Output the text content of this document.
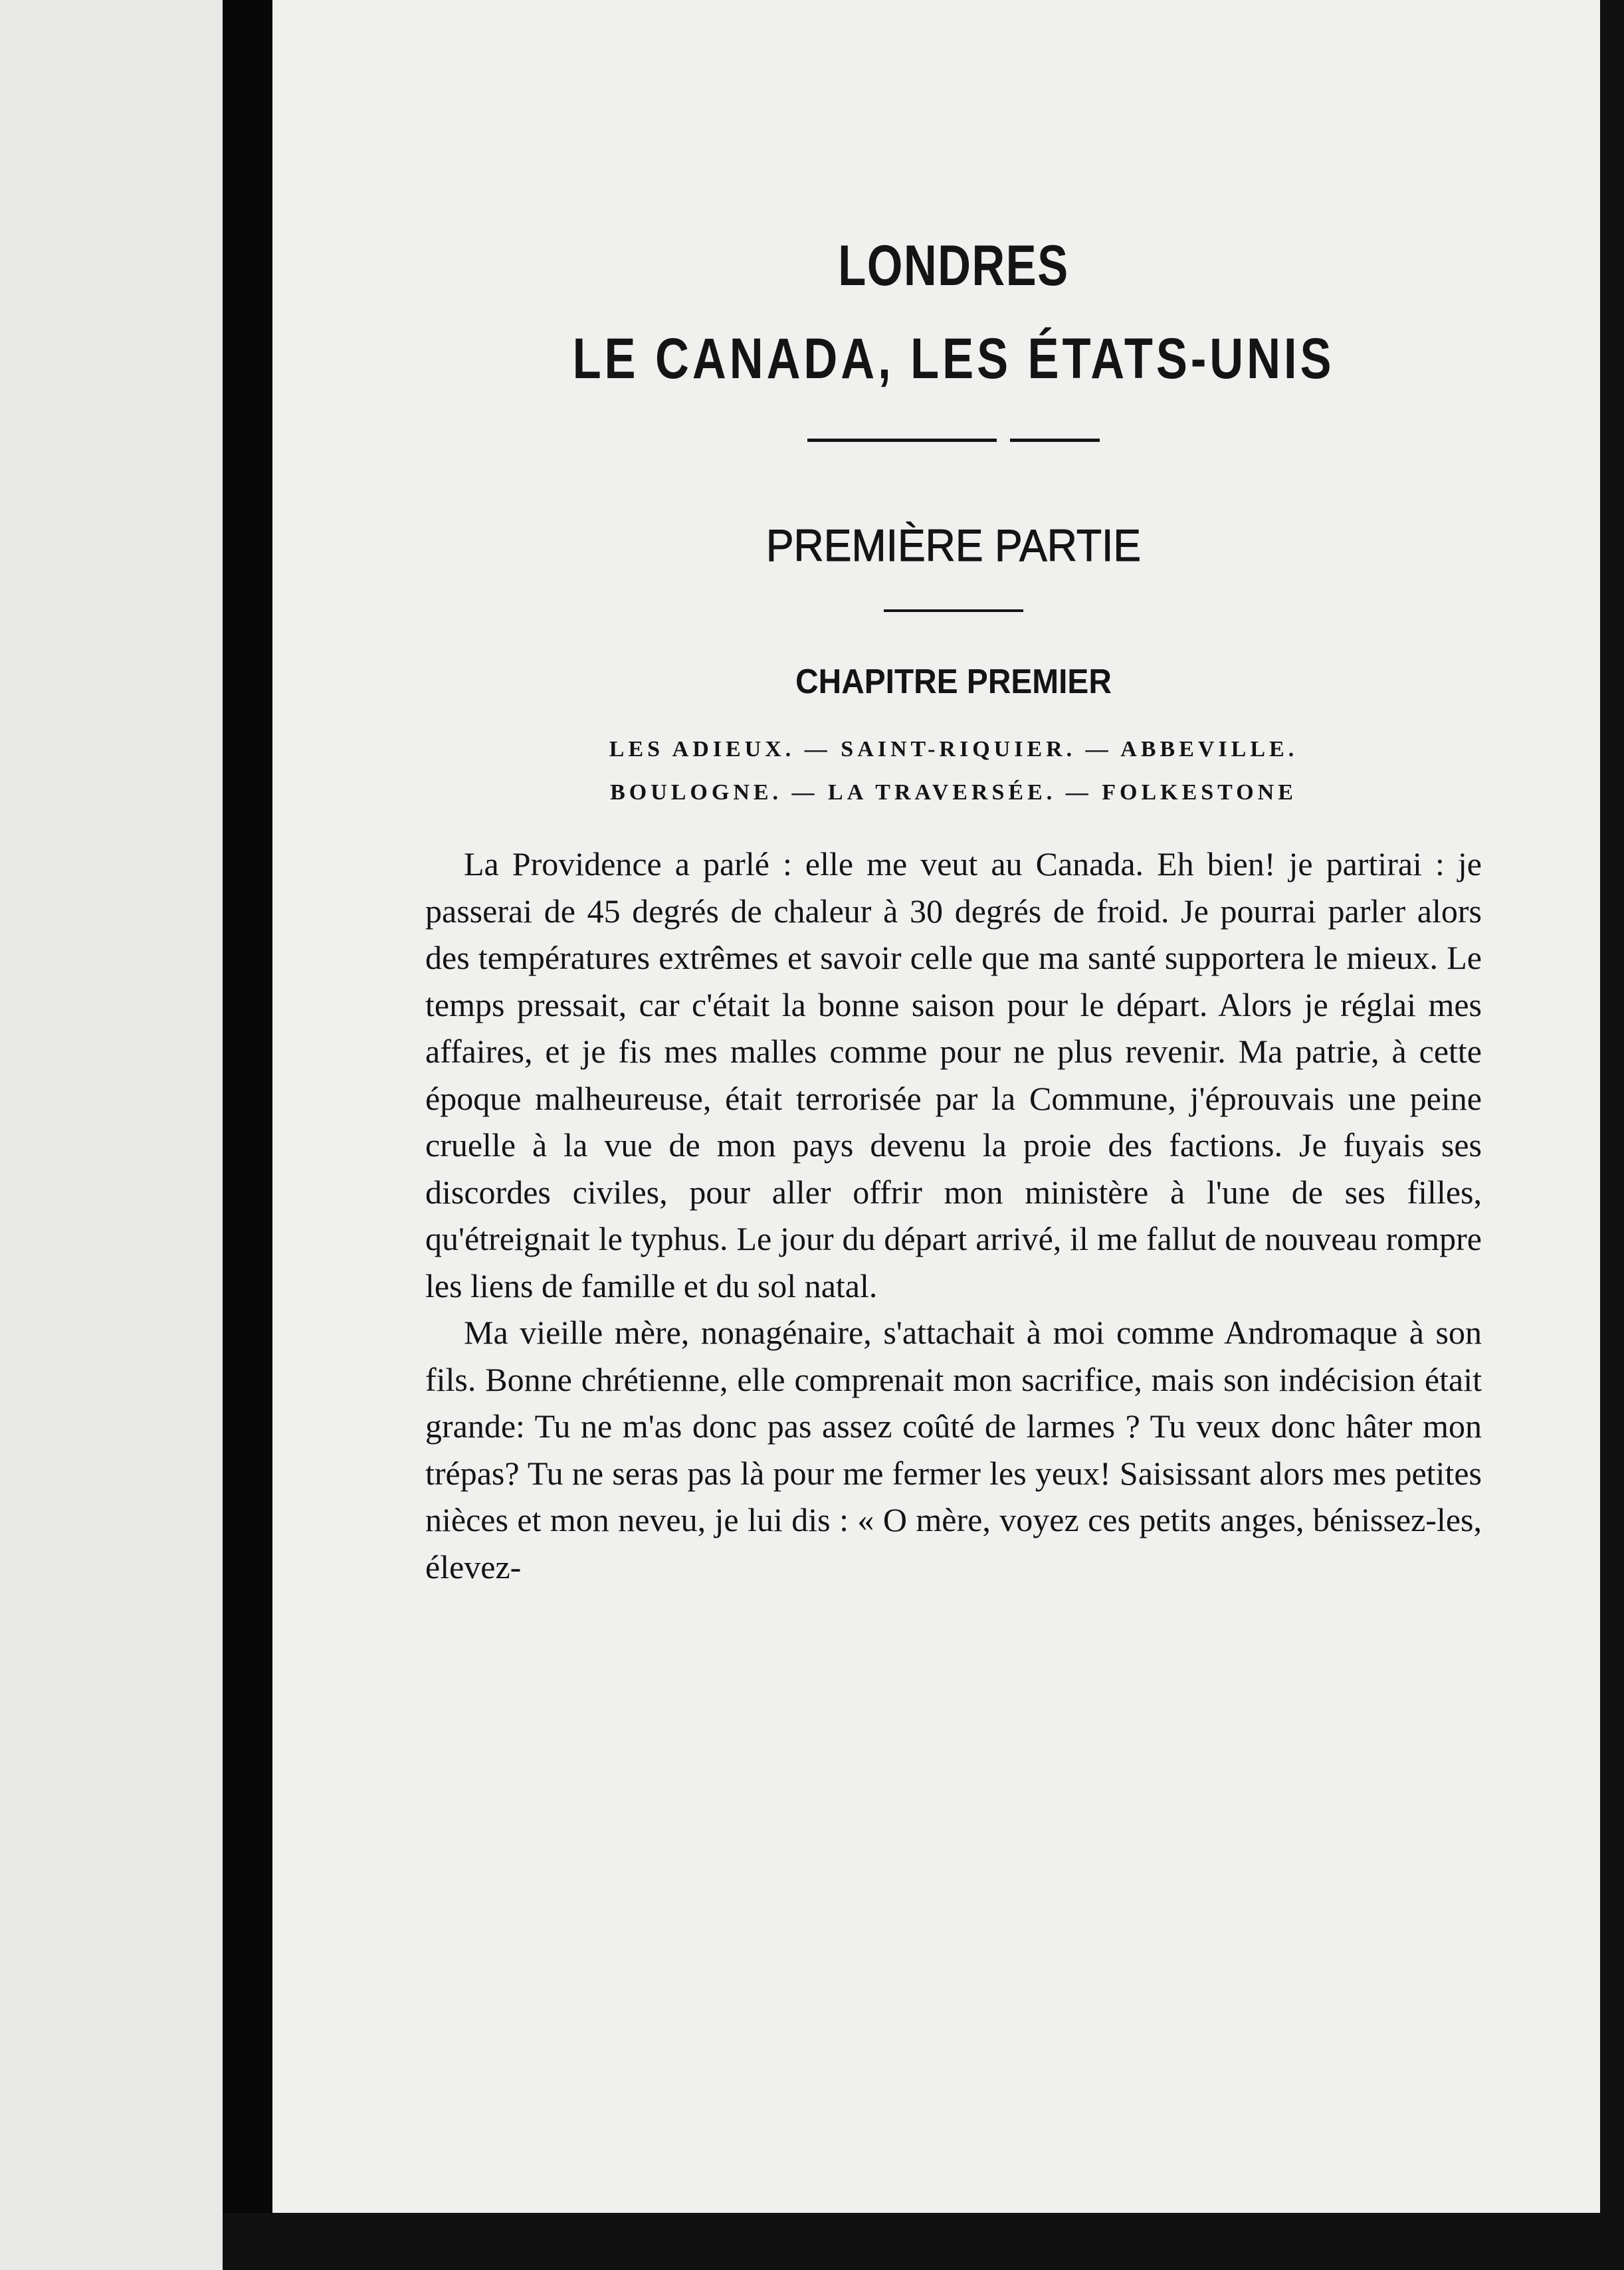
LONDRES
LE CANADA, LES ÉTATS-UNIS
PREMIÈRE PARTIE
CHAPITRE PREMIER
LES ADIEUX. — SAINT-RIQUIER. — ABBEVILLE.
BOULOGNE. — LA TRAVERSÉE. — FOLKESTONE

La Providence a parlé : elle me veut au Canada. Eh bien! je partirai : je passerai de 45 degrés de chaleur à 30 degrés de froid. Je pourrai parler alors des températures extrêmes et savoir celle que ma santé supportera le mieux. Le temps pressait, car c'était la bonne saison pour le départ. Alors je réglai mes affaires, et je fis mes malles comme pour ne plus revenir. Ma patrie, à cette époque malheureuse, était terrorisée par la Commune, j'éprouvais une peine cruelle à la vue de mon pays devenu la proie des factions. Je fuyais ses discordes civiles, pour aller offrir mon ministère à l'une de ses filles, qu'étreignait le typhus. Le jour du départ arrivé, il me fallut de nouveau rompre les liens de famille et du sol natal.

Ma vieille mère, nonagénaire, s'attachait à moi comme Andromaque à son fils. Bonne chrétienne, elle comprenait mon sacrifice, mais son indécision était grande: Tu ne m'as donc pas assez coûté de larmes ? Tu veux donc hâter mon trépas? Tu ne seras pas là pour me fermer les yeux! Saisissant alors mes petites nièces et mon neveu, je lui dis : « O mère, voyez ces petits anges, bénissez-les, élevez-
